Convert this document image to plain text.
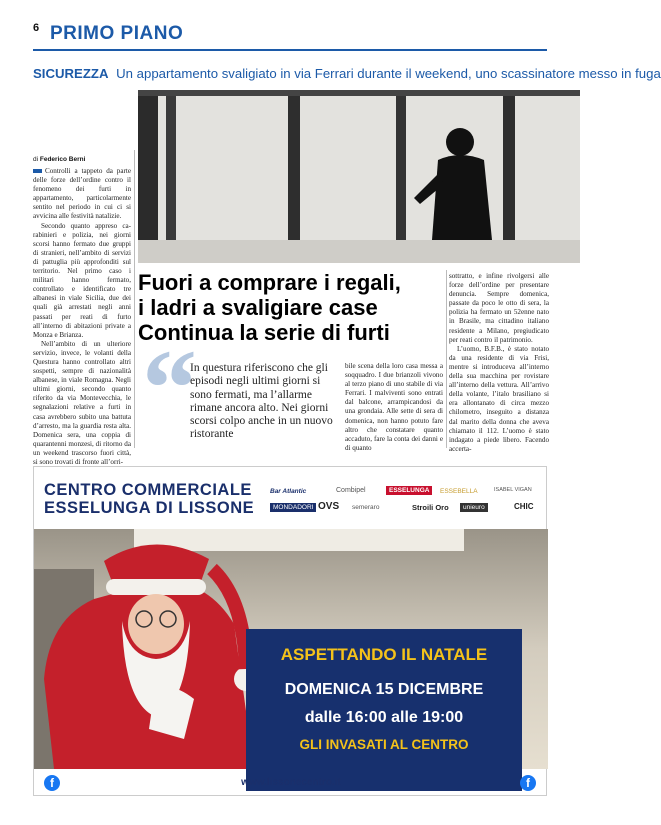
6 PRIMO PIANO
SICUREZZA Un appartamento svaligiato in via Ferrari durante il weekend, uno scassinatore messo in fuga
di Federico Berni

Controlli a tappeto da parte delle forze dell’ordine contro il fenomeno dei furti in appartamento, particolarmente sentito nel periodo in cui ci si avvicina alle festività natalizie.

Secondo quanto appreso ca-rabinieri e polizia, nei giorni scorsi hanno fermato due gruppi di stranieri, nell’ambito di servizi di pattuglia più approfonditi sul territorio. Nel primo caso i militari hanno fermato, controllato e identificato tre albanesi in viale Sicilia, due dei quali già arrestati negli anni passati per reati di furto all’interno di abitazioni private a Monza e Brianza.

Nell’ambito di un ulteriore servizio, invece, le volanti della Questura hanno controllato altri sospetti, sempre di nazionalità albanese, in viale Romagna. Negli ultimi giorni, secondo quanto riferito da via Montevecchia, le segnalazioni relative a furti in casa avrebbero subito una battuta d’arresto, ma la guardia resta alta. Domenica sera, una coppia di quarantenni monzesi, di ritorno da un weekend trascorso fuori città, si sono trovati di fronte all’orri-

Fuori a comprare i regali,
i ladri a svaligiare case
Continua la serie di furti
“
In questura riferiscono che gli episodi negli ultimi giorni si sono fermati, ma l’allarme rimane ancora alto. Nei giorni scorsi colpo anche in un nuovo ristorante

bile scena della loro casa messa a soqquadro. I due brianzoli vivono al terzo piano di uno stabile di via Ferrari. I malviventi sono entrati dal balcone, arrampicandosi da una grondaia. Alle sette di sera di domenica, non hanno potuto fare altro che constatare quanto accaduto, fare la conta dei danni e di quanto

sottratto, e infine rivolgersi alle forze dell’ordine per presentare denuncia. Sempre domenica, passate da poco le otto di sera, la polizia ha fermato un 52enne nato in Brasile, ma cittadino italiano residente a Milano, pregiudicato per reati contro il patrimonio.

L’uomo, B.F.B., è stato notato da una residente di via Frisi, mentre si introduceva all’interno della sua macchina per rovistare all’interno della vettura. All’arrivo della volante, l’italo brasiliano si era allontanato di circa mezzo chilometro, inseguito a distanza dal marito della donna che aveva chiamato il 112. L’uomo è stato indagato a piede libero. Facendo accerta-

CENTRO COMMERCIALE
ESSELUNGA DI LISSONE
Bar Atlantic	Combipel	ESSELUNGA	ESSEBELLA	ISABEL VIGAN
MONDADORI OVS semeraro	Stroili Oro	unieuro	CHIC
ASPETTANDO IL NATALE
DOMENICA 15 DICEMBRE
dalle 16:00 alle 19:00
GLI INVASATI AL CENTRO
f	www.lissonecentro.it	f
